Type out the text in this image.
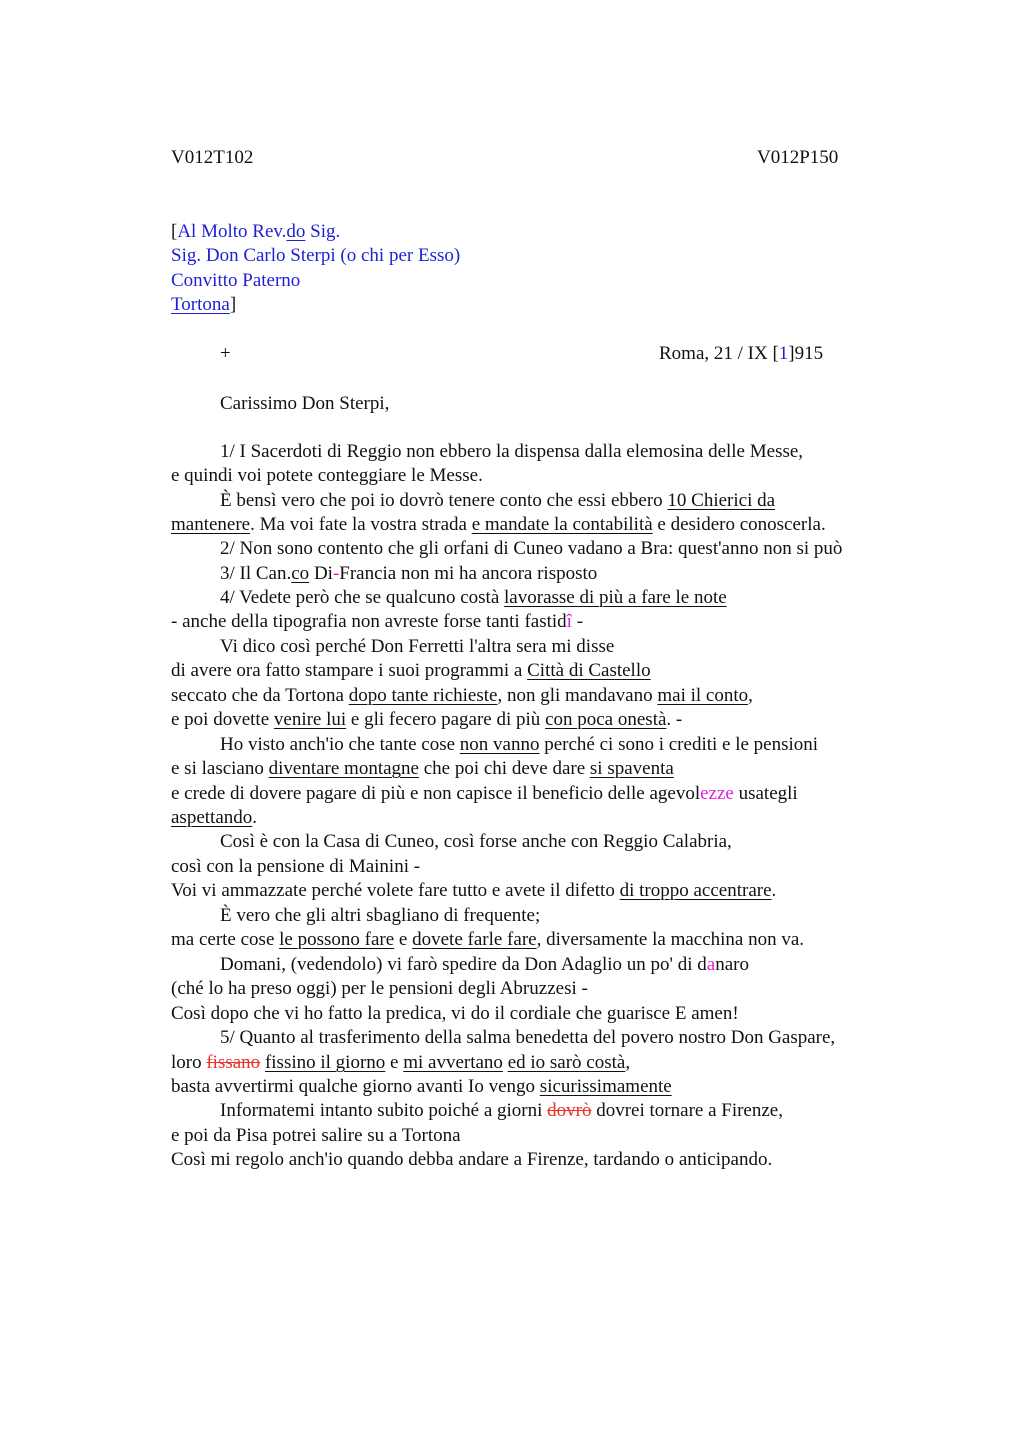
V012T102	V012P150
[Al Molto Rev.do Sig.
Sig. Don Carlo Sterpi (o chi per Esso)
Convitto Paterno
Tortona]
+	Roma, 21 / IX [1]915
Carissimo Don Sterpi,
1/ I Sacerdoti di Reggio non ebbero la dispensa dalla elemosina delle Messe,
e quindi voi potete conteggiare le Messe.
È bensì vero che poi io dovrò tenere conto che essi ebbero 10 Chierici da
mantenere. Ma voi fate la vostra strada e mandate la contabilità e desidero conoscerla.
2/ Non sono contento che gli orfani di Cuneo vadano a Bra: quest'anno non si può
3/ Il Can.co Di-Francia non mi ha ancora risposto
4/ Vedete però che se qualcuno costà lavorasse di più a fare le note
- anche della tipografia non avreste forse tanti fastidî -
Vi dico così perché Don Ferretti l'altra sera mi disse
di avere ora fatto stampare i suoi programmi a Città di Castello
seccato che da Tortona dopo tante richieste, non gli mandavano mai il conto,
e poi dovette venire lui e gli fecero pagare di più con poca onestà. -
Ho visto anch'io che tante cose non vanno perché ci sono i crediti e le pensioni
e si lasciano diventare montagne che poi chi deve dare si spaventa
e crede di dovere pagare di più e non capisce il beneficio delle agevolezze usategli
aspettando.
Così è con la Casa di Cuneo, così forse anche con Reggio Calabria,
così con la pensione di Mainini -
Voi vi ammazzate perché volete fare tutto e avete il difetto di troppo accentrare.
È vero che gli altri sbagliano di frequente;
ma certe cose le possono fare e dovete farle fare, diversamente la macchina non va.
Domani, (vedendolo) vi farò spedire da Don Adaglio un po' di danaro
(ché lo ha preso oggi) per le pensioni degli Abruzzesi -
Così dopo che vi ho fatto la predica, vi do il cordiale che guarisce E amen!
5/ Quanto al trasferimento della salma benedetta del povero nostro Don Gaspare,
loro fissano fissino il giorno e mi avvertano ed io sarò costà,
basta avvertirmi qualche giorno avanti Io vengo sicurissimamente
Informatemi intanto subito poiché a giorni dovrò dovrei tornare a Firenze,
e poi da Pisa potrei salire su a Tortona
Così mi regolo anch'io quando debba andare a Firenze, tardando o anticipando.
